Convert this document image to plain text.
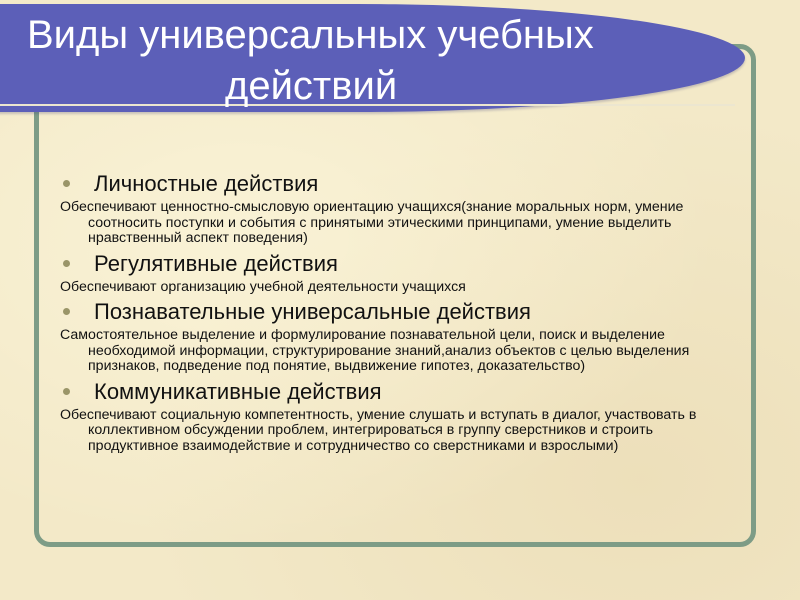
Виды универсальных учебных
действий
Личностные действия
Обеспечивают ценностно-смысловую ориентацию учащихся(знание моральных норм, умение соотносить поступки и события с принятыми этическими принципами, умение выделить нравственный аспект поведения)
Регулятивные действия
Обеспечивают организацию учебной деятельности учащихся
Познавательные универсальные действия
Самостоятельное выделение и формулирование познавательной цели, поиск и выделение необходимой информации, структурирование знаний,анализ объектов с целью выделения признаков, подведение под понятие, выдвижение гипотез, доказательство)
Коммуникативные действия
Обеспечивают социальную компетентность, умение слушать и вступать в диалог, участвовать в коллективном обсуждении проблем, интегрироваться в группу сверстников и строить продуктивное взаимодействие и сотрудничество со сверстниками и взрослыми)
